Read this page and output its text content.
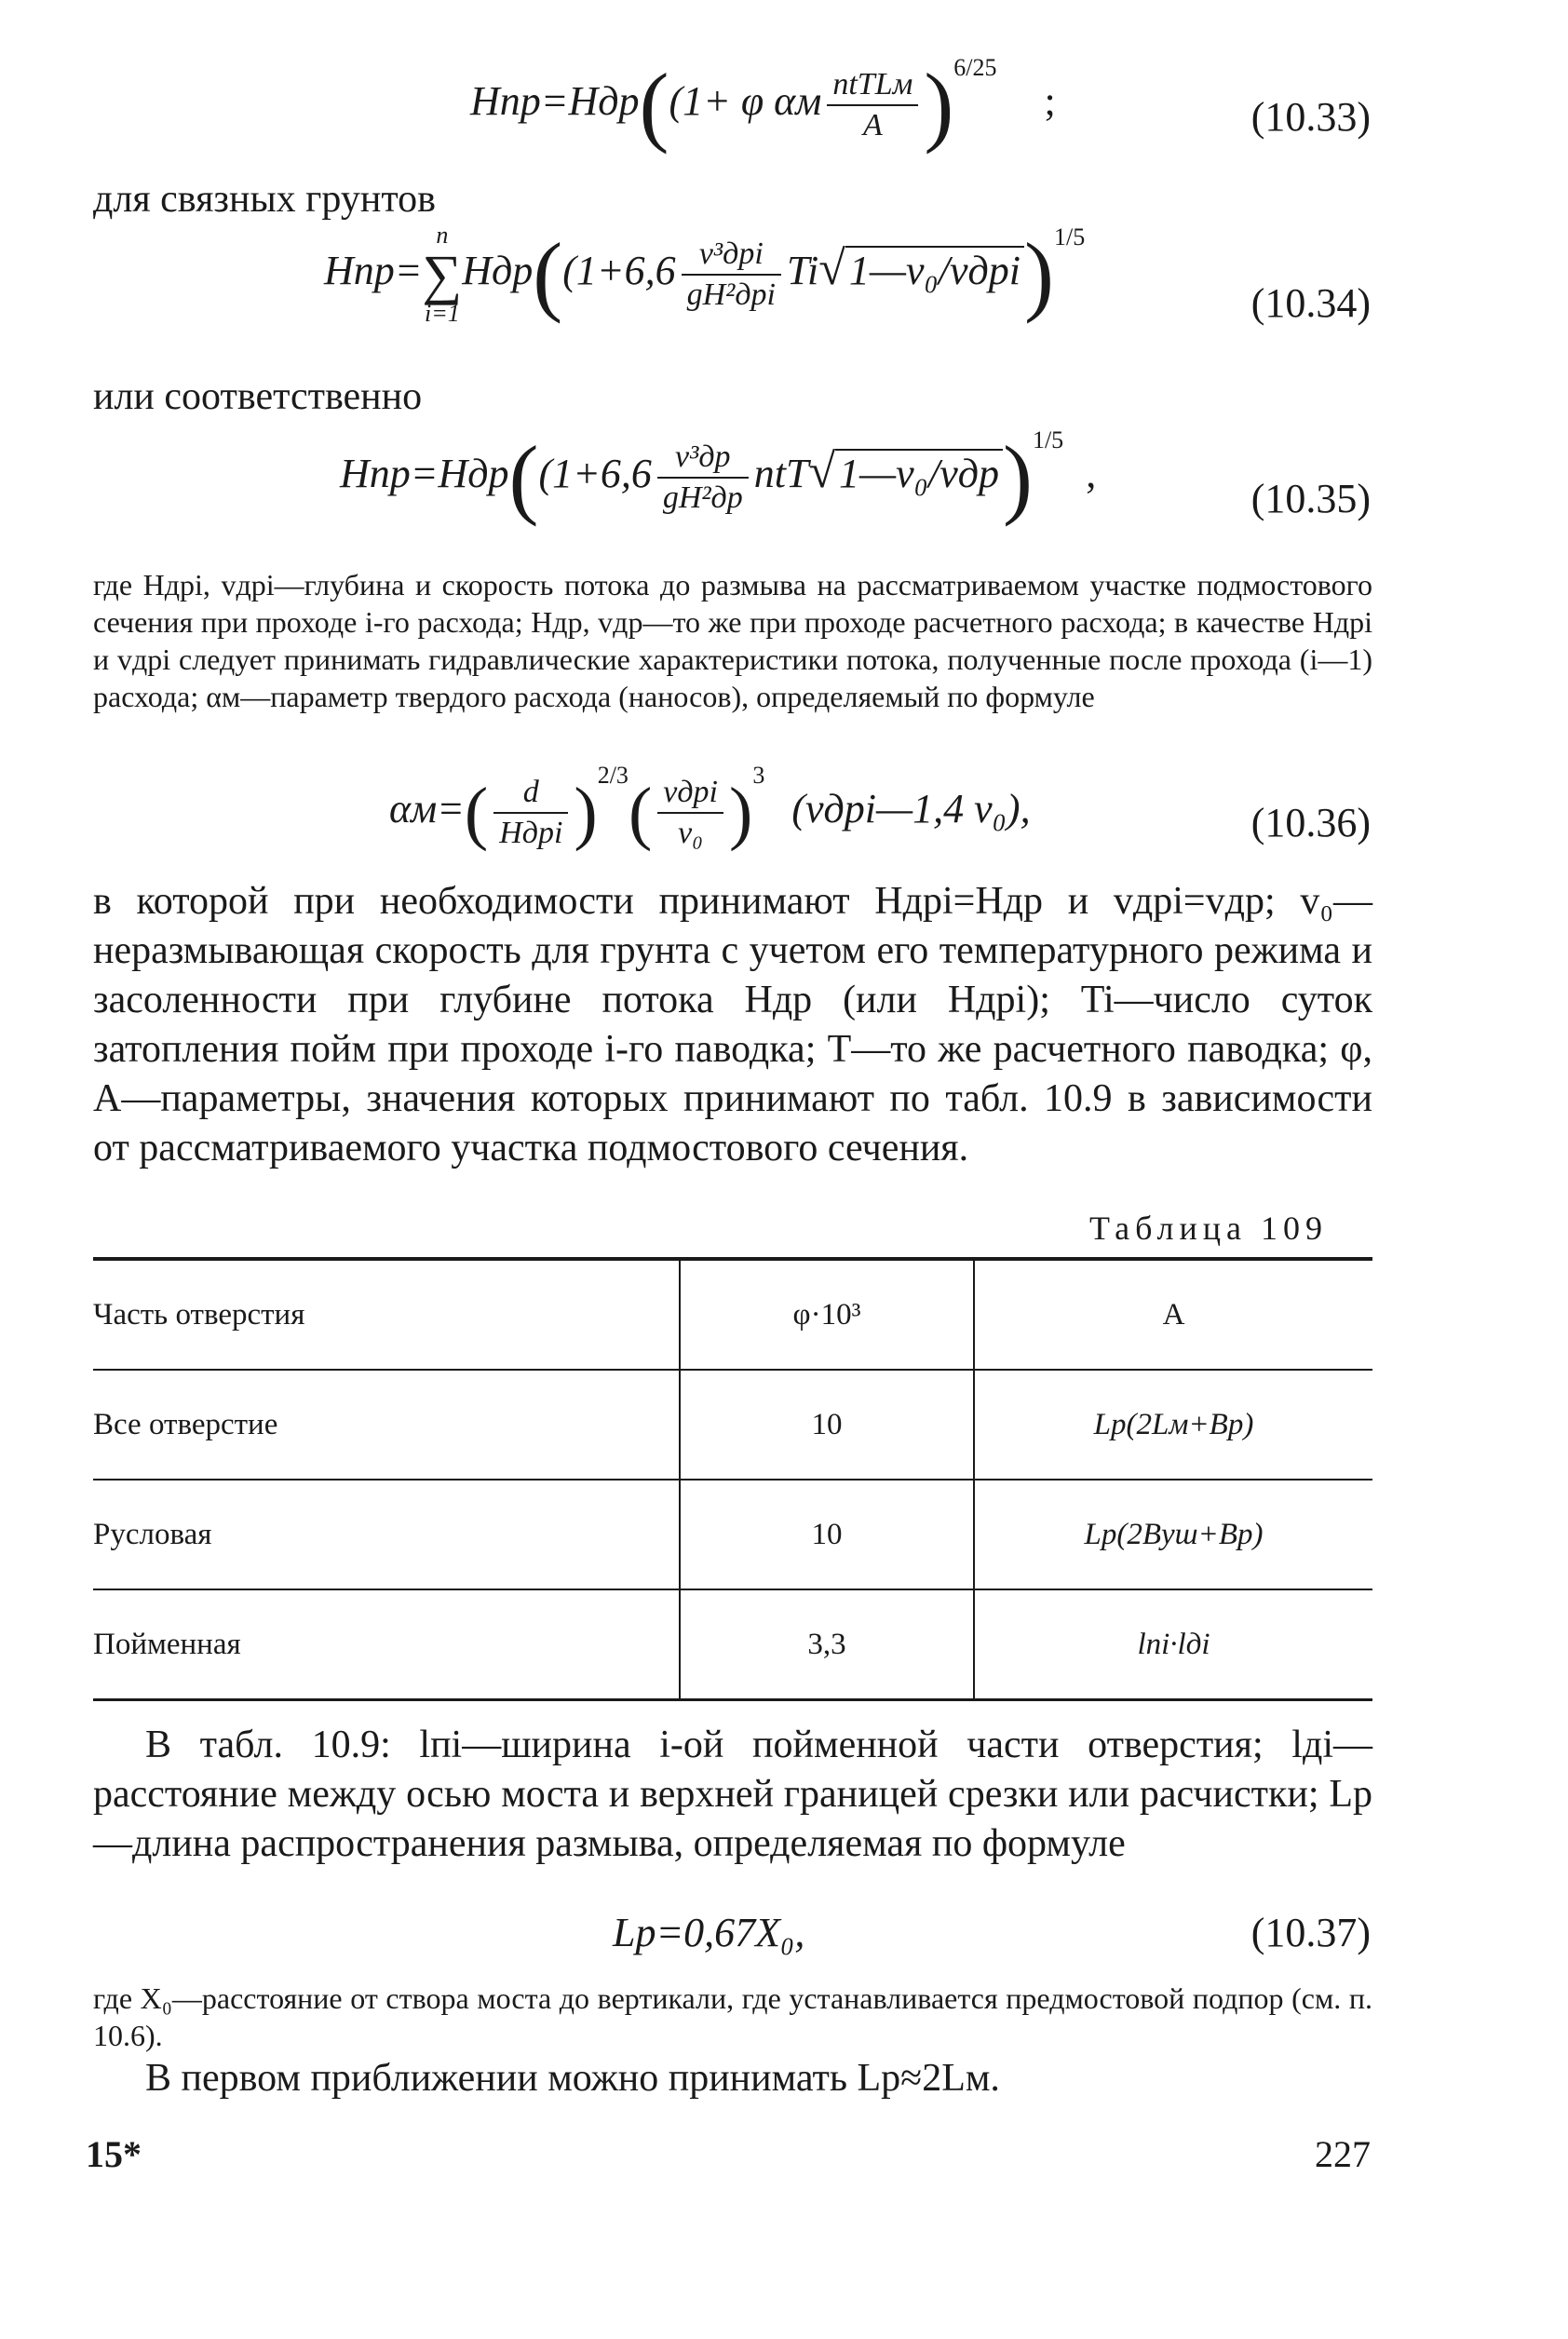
Hпр=Hдр((1+ φ αм $\frac{\text{ntTLм}}{A} )^{6/25}$ ;	(10.33)
для связных грунтов
Hпр=
n
∑
i=1
$Hдр((1+6,6 \frac{\text{v³дрi}}{\text{gH²дрi}}$ Ti√1—v₀/vдрi)$^{1/5}$
(10.34)
или соответственно
$Hпр=Hдр((1+6,6 \frac{\text{v³др}}{\text{gH²др}}$ ntT√1—v₀/vдр)$^{1/5}$,
(10.35)
где Hдрi, vдрi—глубина и скорость потока до размыва на рассматриваемом участке подмостового сечения при проходе i-го расхода; Hдр, vдр—то же при проходе расчетного расхода; в качестве Hдрi и vдрi следует принимать гидравлические характеристики потока, полученные после прохода (i—1) расхода; αм—параметр твердого расхода (наносов), определяемый по формуле
$\alpha м=( \frac{d}{\text{Hдрi}} )^{2/3}( \frac{\text{vдрi}}{\text{v₀}} )^3$ (vдрi—1,4 v₀),	(10.36)
в которой при необходимости принимают Hдрi=Hдр и vдрi=vдр; v₀—неразмывающая скорость для грунта с учетом его температурного режима и засоленности при глубине потока Hдр (или Hдрi); Ti—число суток затопления пойм при проходе i-го паводка; T—то же расчетного паводка; φ, A—параметры, значения которых принимают по табл. 10.9 в зависимости от рассматриваемого участка подмостового сечения.
Таблица 109
Часть отверстия	φ·10³	A
Все отверстие	10	Lр(2Lм+Bр)
Русловая	10	Lр(2Bуш+Bр)
Пойменная	3,3	lпi·lдi
В табл. 10.9: lпi—ширина i-ой пойменной части отверстия; lдi—расстояние между осью моста и верхней границей срезки или расчистки; Lр—длина распространения размыва, определяемая по формуле
Lр=0,67X₀,	(10.37)
где X₀—расстояние от створа моста до вертикали, где устанавливается предмостовой подпор (см. п. 10.6).
В первом приближении можно принимать Lр≈2Lм.
15*	227
